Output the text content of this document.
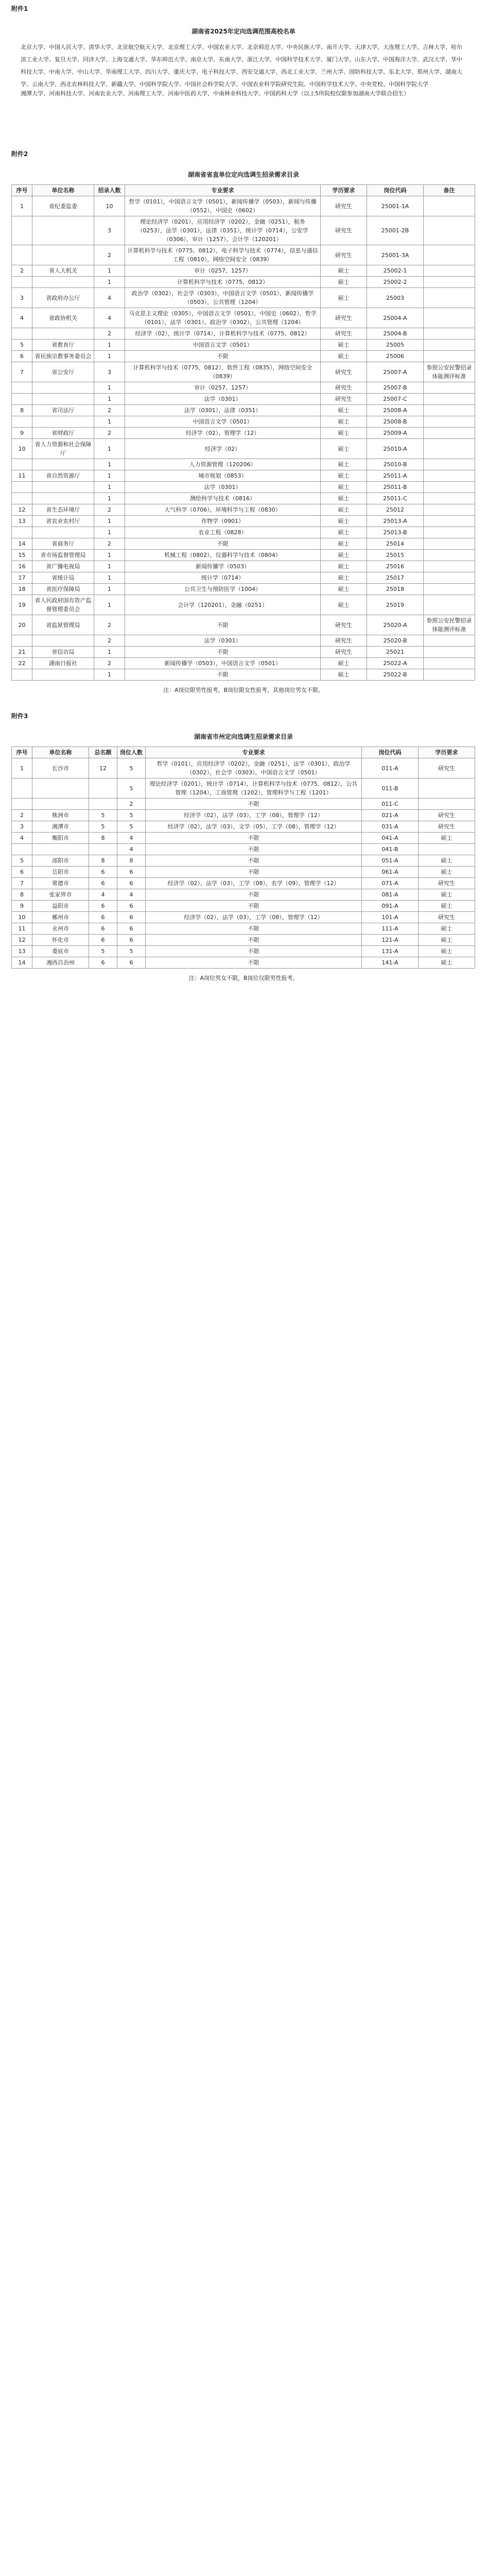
附件1
湖南省2025年定向选调范围高校名单
北京大学、中国人民大学、清华大学、北京航空航天大学、北京理工大学、中国农业大学、北京师范大学、中央民族大学、南开大学、天津大学、大连理工大学、吉林大学、哈尔滨工业大学、复旦大学、同济大学、上海交通大学、华东师范大学、南京大学、东南大学、浙江大学、中国科学技术大学、厦门大学、山东大学、中国海洋大学、武汉大学、华中科技大学、中南大学、中山大学、华南理工大学、四川大学、重庆大学、电子科技大学、西安交通大学、西北工业大学、兰州大学、国防科技大学、东北大学、郑州大学、湖南大学、云南大学、西北农林科技大学、新疆大学、中国科学院大学、中国社会科学院大学、中国农业科学院研究生院、中国科学技术大学、中央党校、中国科学院大学
湘潭大学、河南科技大学、河南农业大学、河南理工大学、河南中医药大学、中南林业科技大学、中国药科大学（以上5所院校仅限参加湖南大学联合招生）
附件2
湖南省省直单位定向选调生招录需求目录
序号	单位名称	招录人数	专业要求	学历要求	岗位代码	备注
1	省纪委监委	10	哲学（0101），中国语言文学（0501），新闻传播学（0503），新闻与传播（0552），中国史（0602）	研究生	25001-1A	
		3	理论经济学（0201），应用经济学（0202），金融（0251），税务（0253），法学（0301），法律（0351），统计学（0714），公安学（0306），审计（1257），会计学（120201）	研究生	25001-2B	
		2	计算机科学与技术（0775、0812），电子科学与技术（0774），信息与通信工程（0810），网络空间安全（0839）	研究生	25001-3A	
2	省人大机关	1	审计（0257、1257）	硕士	25002-1	
		1	计算机科学与技术（0775、0812）	硕士	25002-2	
3	省政府办公厅	4	政治学（0302），社会学（0303），中国语言文学（0501），新闻传播学（0503），公共管理（1204）	硕士	25003	
4	省政协机关	4	马克思主义理论（0305），中国语言文学（0501），中国史（0602），哲学（0101），法学（0301），政治学（0302），公共管理（1204）	研究生	25004-A	
		2	经济学（02），统计学（0714），计算机科学与技术（0775、0812）	研究生	25004-B	
5	省教育厅	1	中国语言文学（0501）	硕士	25005	
6	省民族宗教事务委员会	1	不限	硕士	25006	
7	省公安厅	3	计算机科学与技术（0775、0812），软件工程（0835），网络空间安全（0839）	研究生	25007-A	参照公安民警招录体能测评标准
		1	审计（0257、1257）	研究生	25007-B	
		1	法学（0301）	研究生	25007-C	
8	省司法厅	2	法学（0301），法律（0351）	硕士	25008-A	
		1	中国语言文学（0501）	硕士	25008-B	
9	省财政厅	2	经济学（02），管理学（12）	硕士	25009-A	
10	省人力资源和社会保障厅	1	经济学（02）	硕士	25010-A	
		1	人力资源管理（120206）	硕士	25010-B	
11	省自然资源厅	1	城市规划（0853）	硕士	25011-A	
		1	法学（0301）	硕士	25011-B	
		1	测绘科学与技术（0816）	硕士	25011-C	
12	省生态环境厅	2	大气科学（0706），环境科学与工程（0830）	硕士	25012	
13	省农业农村厅	1	作物学（0901）	硕士	25013-A	
		1	农业工程（0828）	硕士	25013-B	
14	省商务厅	2	不限	硕士	25014	
15	省市场监督管理局	1	机械工程（0802），仪器科学与技术（0804）	硕士	25015	
16	省广播电视局	1	新闻传播学（0503）	硕士	25016	
17	省统计局	1	统计学（0714）	硕士	25017	
18	省医疗保障局	1	公共卫生与预防医学（1004）	硕士	25018	
19	省人民政府国有资产监督管理委员会	1	会计学（120201），金融（0251）	硕士	25019	
20	省监狱管理局	2	不限	研究生	25020-A	参照公安民警招录体能测评标准
		2	法学（0301）	研究生	25020-B	
21	省信访局	1	不限	研究生	25021	
22	湖南日报社	2	新闻传播学（0503），中国语言文学（0501）	硕士	25022-A	
		1	不限	硕士	25022-B	
注：A岗位限男性报考，B岗位限女性报考，其他岗位男女不限。
附件3
湖南省市州定向选调生招录需求目录
序号	单位名称	总名额	岗位人数	专业要求	岗位代码	学历要求
1	长沙市	12	5	哲学（0101），应用经济学（0202），金融（0251），法学（0301），政治学（0302），社会学（0303），中国语言文学（0501）	011-A	研究生
			5	理论经济学（0201），统计学（0714），计算机科学与技术（0775、0812），公共管理（1204），工商管理（1202），管理科学与工程（1201）	011-B	
			2	不限	011-C	
2	株洲市	5	5	经济学（02），法学（03），工学（08），管理学（12）	021-A	研究生
3	湘潭市	5	5	经济学（02），法学（03），文学（05），工学（08），管理学（12）	031-A	研究生
4	衡阳市	8	4	不限	041-A	硕士
			4	不限	041-B	
5	邵阳市	8	8	不限	051-A	硕士
6	岳阳市	6	6	不限	061-A	硕士
7	常德市	6	6	经济学（02），法学（03），工学（08），农学（09），管理学（12）	071-A	研究生
8	张家界市	4	4	不限	081-A	硕士
9	益阳市	6	6	不限	091-A	硕士
10	郴州市	6	6	经济学（02），法学（03），工学（08），管理学（12）	101-A	研究生
11	永州市	6	6	不限	111-A	硕士
12	怀化市	6	6	不限	121-A	硕士
13	娄底市	5	5	不限	131-A	硕士
14	湘西自治州	6	6	不限	141-A	硕士
注：A岗位男女不限，B岗位仅限男性报考。
